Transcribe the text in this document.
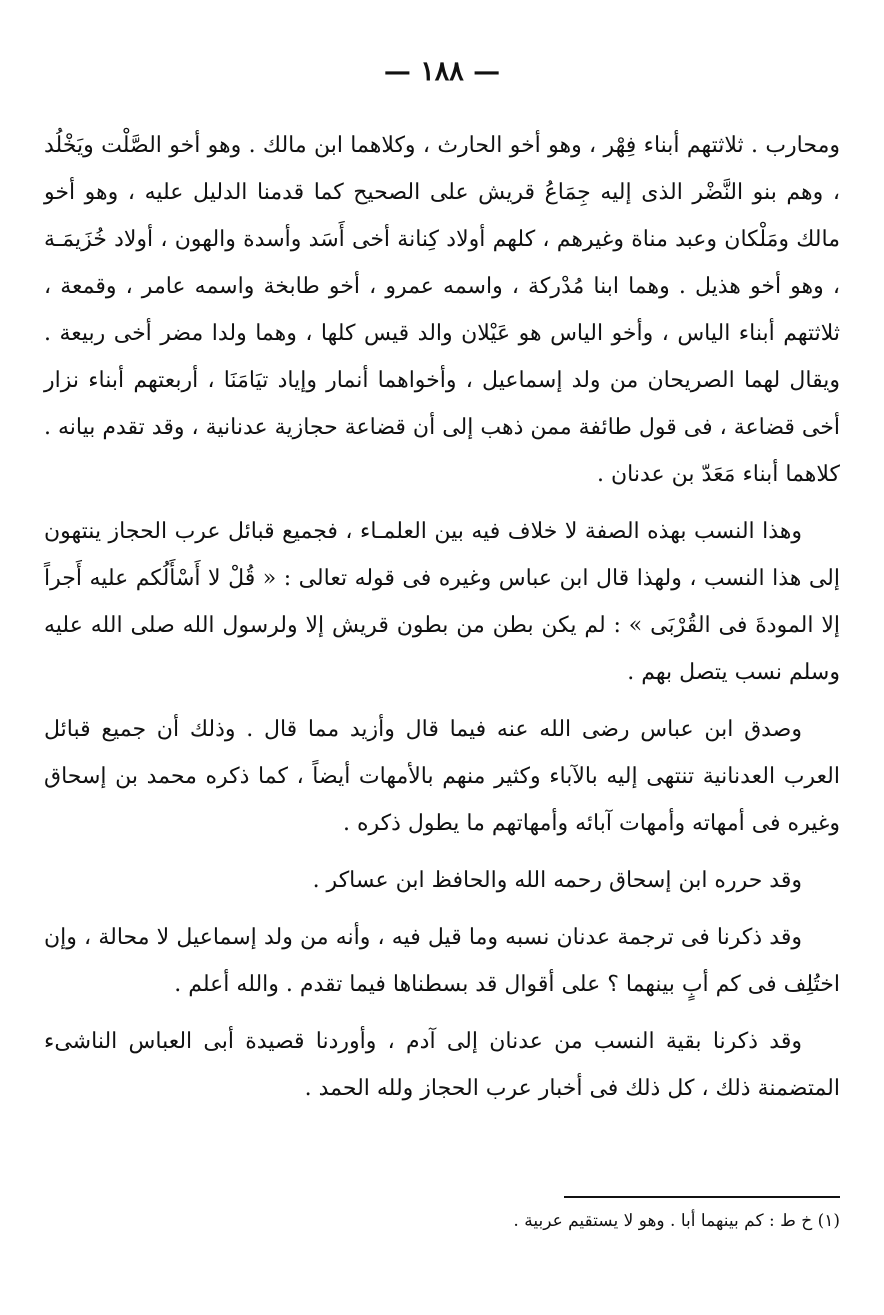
— ١٨٨ —

ومحارب . ثلاثتهم أبناء فِهْر ، وهو أخو الحارث ، وكلاهما ابن مالك . وهو أخو الصَّلْت ويَخْلُد ، وهم بنو النَّضْر الذى إليه جِمَاعُ قريش على الصحيح كما قدمنا الدليل عليه ، وهو أخو مالك ومَلْكان وعبد مناة وغيرهم ، كلهم أولاد كِنانة أخى أَسَد وأسدة والهون ، أولاد خُزَيمَـة ، وهو أخو هذيل . وهما ابنا مُدْركة ، واسمه عمرو ، أخو طابخة واسمه عامر ، وقمعة ، ثلاثتهم أبناء الياس ، وأخو الياس هو عَيْلان والد قيس كلها ، وهما ولدا مضر أخى ربيعة . ويقال لهما الصريحان من ولد إسماعيل ، وأخواهما أنمار وإياد تيَامَنَا ، أربعتهم أبناء نزار أخى قضاعة ، فى قول طائفة ممن ذهب إلى أن قضاعة حجازية عدنانية ، وقد تقدم بيانه . كلاهما أبناء مَعَدّ بن عدنان .

وهذا النسب بهذه الصفة لا خلاف فيه بين العلمـاء ، فجميع قبائل عرب الحجاز ينتهون إلى هذا النسب ، ولهذا قال ابن عباس وغيره فى قوله تعالى : « قُلْ لا أَسْأَلُكم عليه أَجراً إلا المودةَ فى القُرْبَى » : لم يكن بطن من بطون قريش إلا ولرسول الله صلى الله عليه وسلم نسب يتصل بهم .

وصدق ابن عباس رضى الله عنه فيما قال وأزيد مما قال . وذلك أن جميع قبائل العرب العدنانية تنتهى إليه بالآباء وكثير منهم بالأمهات أيضاً ، كما ذكره محمد بن إسحاق وغيره فى أمهاته وأمهات آبائه وأمهاتهم ما يطول ذكره .

وقد حرره ابن إسحاق رحمه الله والحافظ ابن عساكر .

وقد ذكرنا فى ترجمة عدنان نسبه وما قيل فيه ، وأنه من ولد إسماعيل لا محالة ، وإن اختُلِف فى كم أبٍ بينهما ؟ على أقوال قد بسطناها فيما تقدم . والله أعلم .

وقد ذكرنا بقية النسب من عدنان إلى آدم ، وأوردنا قصيدة أبى العباس الناشىء المتضمنة ذلك ، كل ذلك فى أخبار عرب الحجاز ولله الحمد .

(١) خ ط : كم بينهما أبا . وهو لا يستقيم عربية .
